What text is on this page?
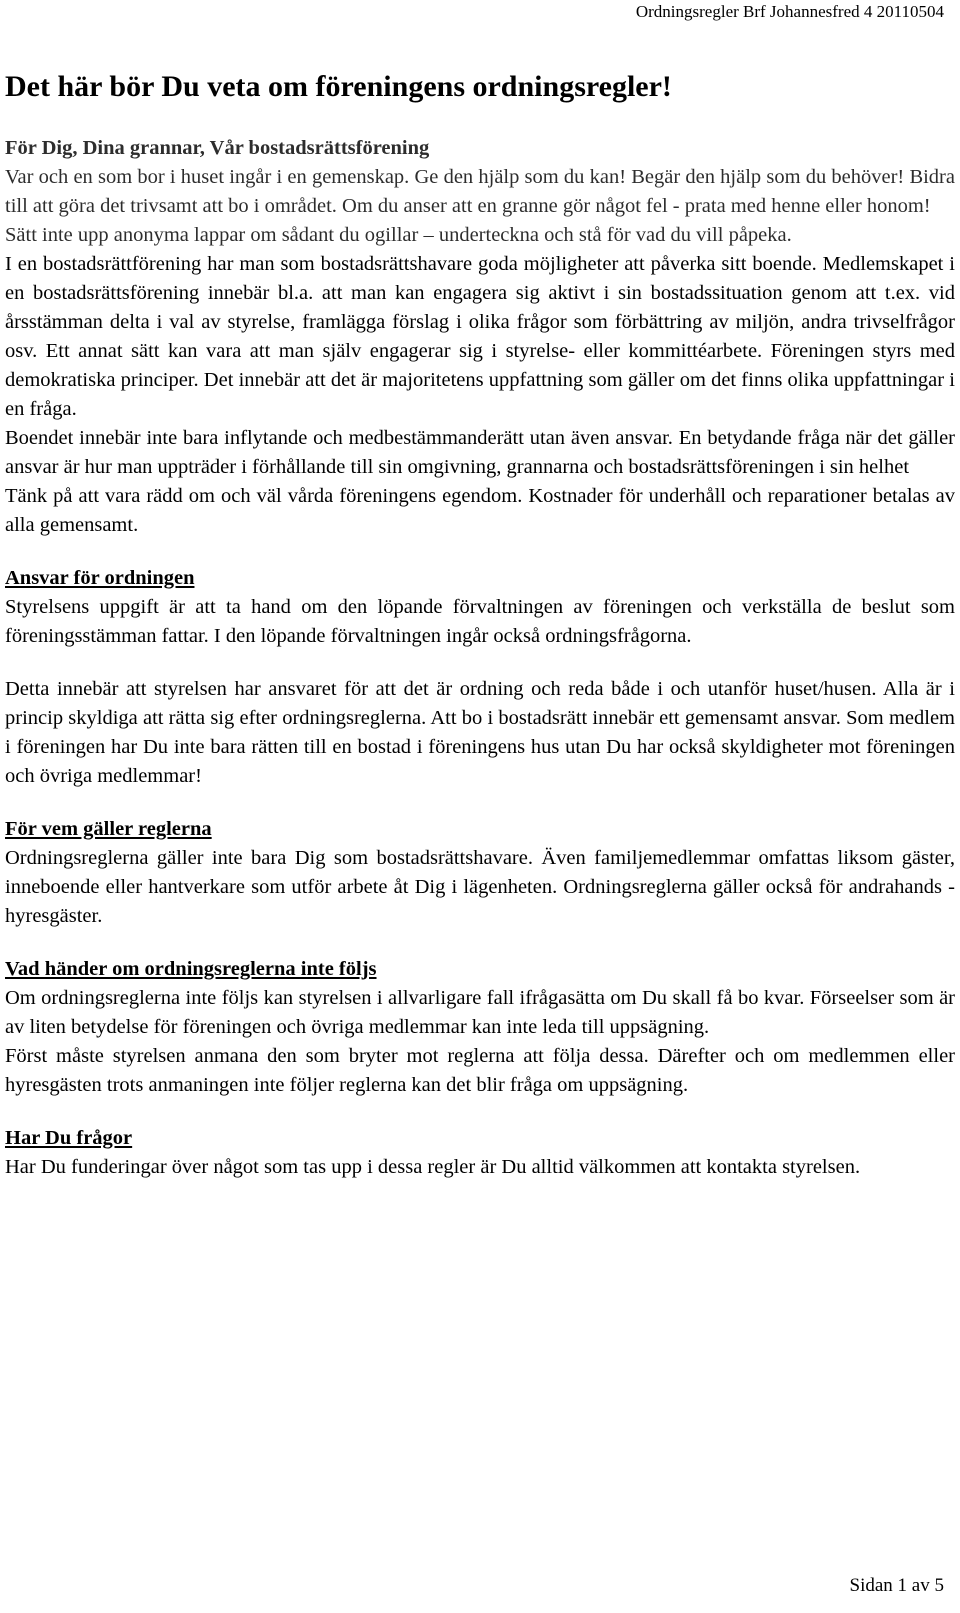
Ordningsregler Brf Johannesfred 4 20110504
Det här bör Du veta om föreningens ordningsregler!

För Dig, Dina grannar, Vår bostadsrättsförening

Var och en som bor i huset ingår i en gemenskap. Ge den hjälp som du kan! Begär den hjälp som du behöver! Bidra till att göra det trivsamt att bo i området. Om du anser att en granne gör något fel - prata med henne eller honom!

Sätt inte upp anonyma lappar om sådant du ogillar – underteckna och stå för vad du vill påpeka.

I en bostadsrättförening har man som bostadsrättshavare goda möjligheter att påverka sitt boende. Medlemskapet i en bostadsrättsförening innebär bl.a. att man kan engagera sig aktivt i sin bostadssituation genom att t.ex. vid årsstämman delta i val av styrelse, framlägga förslag i olika frågor som förbättring av miljön, andra trivselfrågor osv. Ett annat sätt kan vara att man själv engagerar sig i styrelse- eller kommittéarbete. Föreningen styrs med demokratiska principer. Det innebär att det är majoritetens uppfattning som gäller om det finns olika uppfattningar i en fråga.

Boendet innebär inte bara inflytande och medbestämmanderätt utan även ansvar. En betydande fråga när det gäller ansvar är hur man uppträder i förhållande till sin omgivning, grannarna och bostadsrättsföreningen i sin helhet

Tänk på att vara rädd om och väl vårda föreningens egendom. Kostnader för underhåll och reparationer betalas av alla gemensamt.

Ansvar för ordningen

Styrelsens uppgift är att ta hand om den löpande förvaltningen av föreningen och verkställa de beslut som föreningsstämman fattar. I den löpande förvaltningen ingår också ordningsfrågorna.

Detta innebär att styrelsen har ansvaret för att det är ordning och reda både i och utanför huset/husen. Alla är i princip skyldiga att rätta sig efter ordningsreglerna. Att bo i bostadsrätt innebär ett gemensamt ansvar. Som medlem i föreningen har Du inte bara rätten till en bostad i föreningens hus utan Du har också skyldigheter mot föreningen och övriga medlemmar!

För vem gäller reglerna

Ordningsreglerna gäller inte bara Dig som bostadsrättshavare. Även familjemedlemmar omfattas liksom gäster, inneboende eller hantverkare som utför arbete åt Dig i lägenheten. Ordningsreglerna gäller också för andrahands -hyresgäster.

Vad händer om ordningsreglerna inte följs

Om ordningsreglerna inte följs kan styrelsen i allvarligare fall ifrågasätta om Du skall få bo kvar. Förseelser som är av liten betydelse för föreningen och övriga medlemmar kan inte leda till uppsägning.

Först måste styrelsen anmana den som bryter mot reglerna att följa dessa. Därefter och om medlemmen eller hyresgästen trots anmaningen inte följer reglerna kan det blir fråga om uppsägning.

Har Du frågor

Har Du funderingar över något som tas upp i dessa regler är Du alltid välkommen att kontakta styrelsen.

Sidan 1 av 5
